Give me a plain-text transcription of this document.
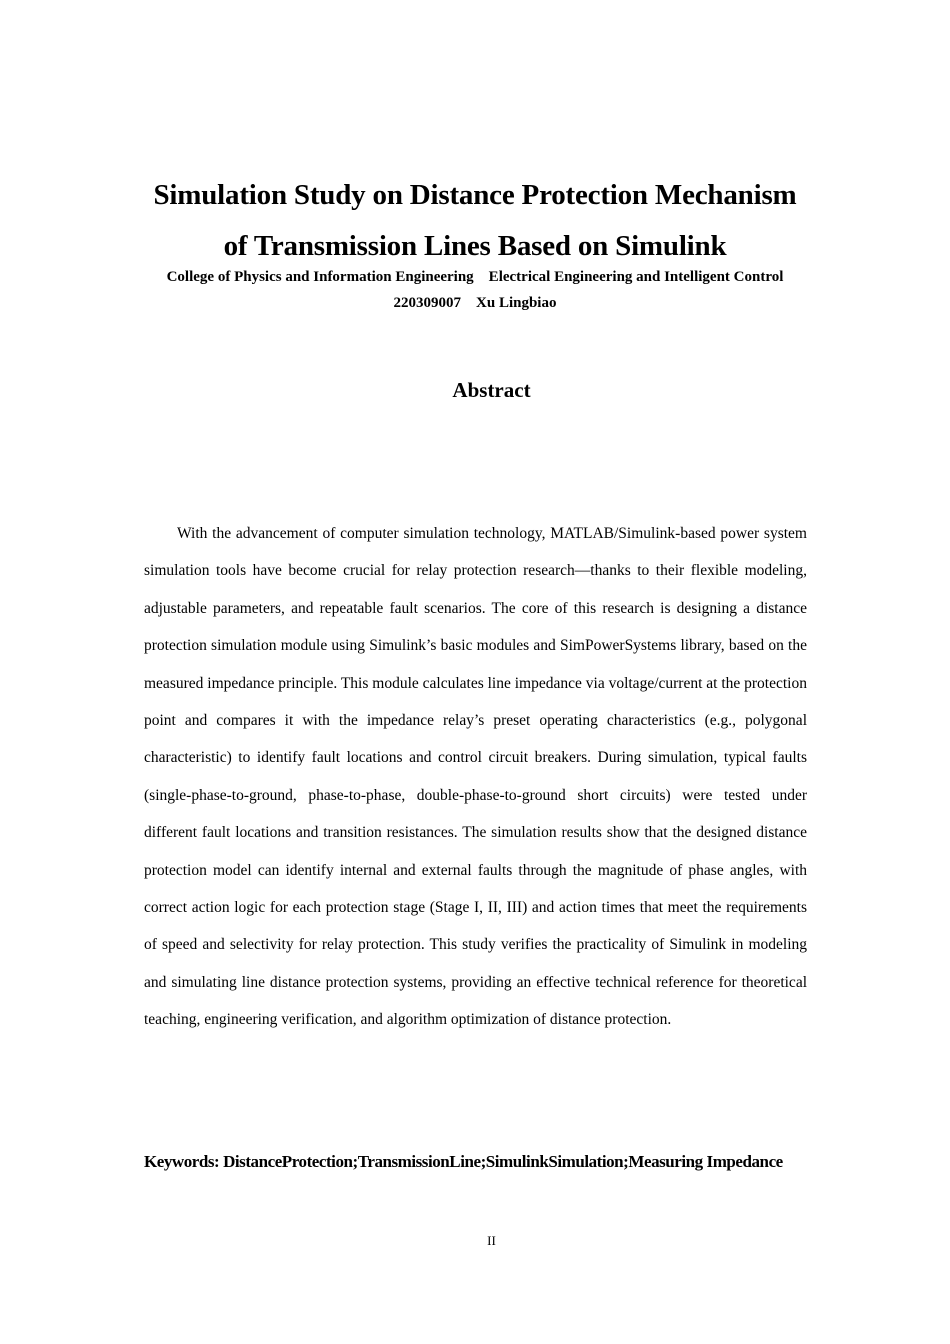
Simulation Study on Distance Protection Mechanism
of Transmission Lines Based on Simulink
College of Physics and Information Engineering    Electrical Engineering and Intelligent Control
220309007    Xu Lingbiao
Abstract

With the advancement of computer simulation technology, MATLAB/Simulink-based power system simulation tools have become crucial for relay protection research—thanks to their flexible modeling, adjustable parameters, and repeatable fault scenarios. The core of this research is designing a distance protection simulation module using Simulink’s basic modules and SimPowerSystems library, based on the measured impedance principle. This module calculates line impedance via voltage/current at the protection point and compares it with the impedance relay’s preset operating characteristics (e.g., polygonal characteristic) to identify fault locations and control circuit breakers. During simulation, typical faults (single-phase-to-ground, phase-to-phase, double-phase-to-ground short circuits) were tested under different fault locations and transition resistances. The simulation results show that the designed distance protection model can identify internal and external faults through the magnitude of phase angles, with correct action logic for each protection stage (Stage I, II, III) and action times that meet the requirements of speed and selectivity for relay protection. This study verifies the practicality of Simulink in modeling and simulating line distance protection systems, providing an effective technical reference for theoretical teaching, engineering verification, and algorithm optimization of distance protection.

Keywords: DistanceProtection;TransmissionLine;SimulinkSimulation;Measuring Impedance
II
